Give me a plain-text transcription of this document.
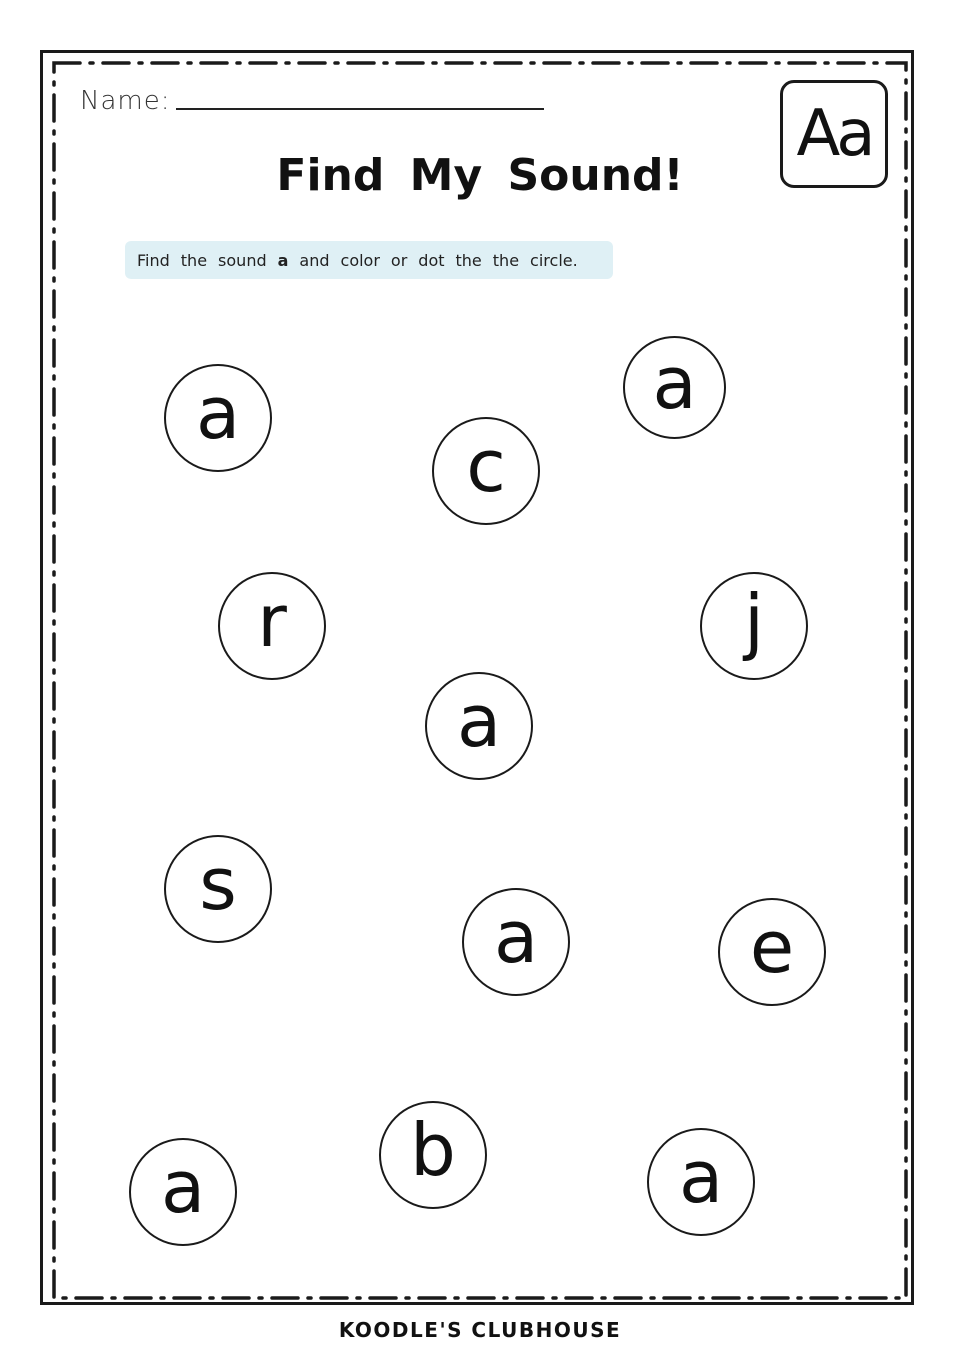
Name:	Aa
Find My Sound!
Find the sound a and color or dot the the circle.
a	a
c
r	j
a
s
a	e
a	b	a
KOODLE'S CLUBHOUSE
